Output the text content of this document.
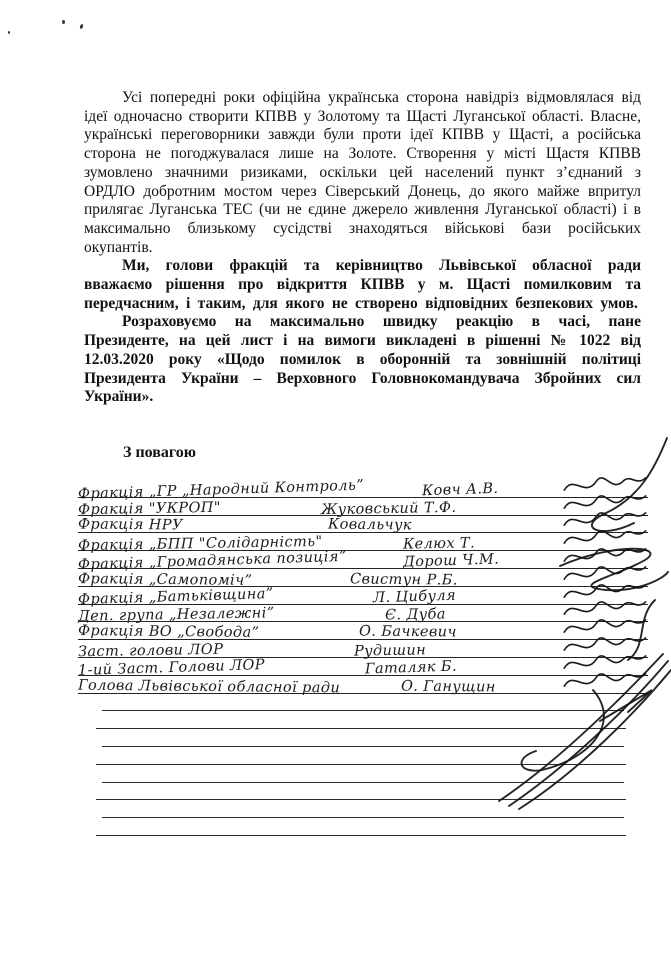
Усі попередні роки офіційна українська сторона навідріз відмовлялася від ідеї одночасно створити КПВВ у Золотому та Щасті Луганської області. Власне, українські переговорники завжди були проти ідеї КПВВ у Щасті, а російська сторона не погоджувалася лише на Золоте. Створення у місті Щастя КПВВ зумовлено значними ризиками, оскільки цей населений пункт з’єднаний з ОРДЛО добротним мостом через Сіверський Донець, до якого майже впритул прилягає Луганська ТЕС (чи не єдине джерело живлення Луганської області) і в максимально близькому сусідстві знаходяться військові бази російських окупантів.

Ми, голови фракцій та керівництво Львівської обласної ради вважаємо рішення про відкриття КПВВ у м. Щасті помилковим та передчасним, і таким, для якого не створено відповідних безпекових умов.

Розраховуємо на максимально швидку реакцію в часі, пане Президенте, на цей лист і на вимоги викладені в рішенні № 1022 від 12.03.2020 року «Щодо помилок в оборонній та зовнішній політиці Президента України – Верховного Головнокомандувача Збройних сил України».

З повагою
Фракція „ГР „Народний Контроль”	Ковч А.В.
Фракція "УКРОП"	Жуковський Т.Ф.
Фракція НРУ	Ковальчук
Фракція „БПП "Солідарність"	Келюх Т.
Фракція „Громадянська позиція”	Дорош Ч.М.
Фракція „Самопоміч”	Свистун Р.Б.
Фракція „Батьківщина”	Л. Цибуля
Деп. група „Незалежні”	Є. Дуба
Фракція ВО „Свобода”	О. Бачкевич
Заст. голови ЛОР	Рудишин
1-ий Заст. Голови ЛОР	Гаталяк Б.
Голова Львівської обласної ради	О. Ганущин
